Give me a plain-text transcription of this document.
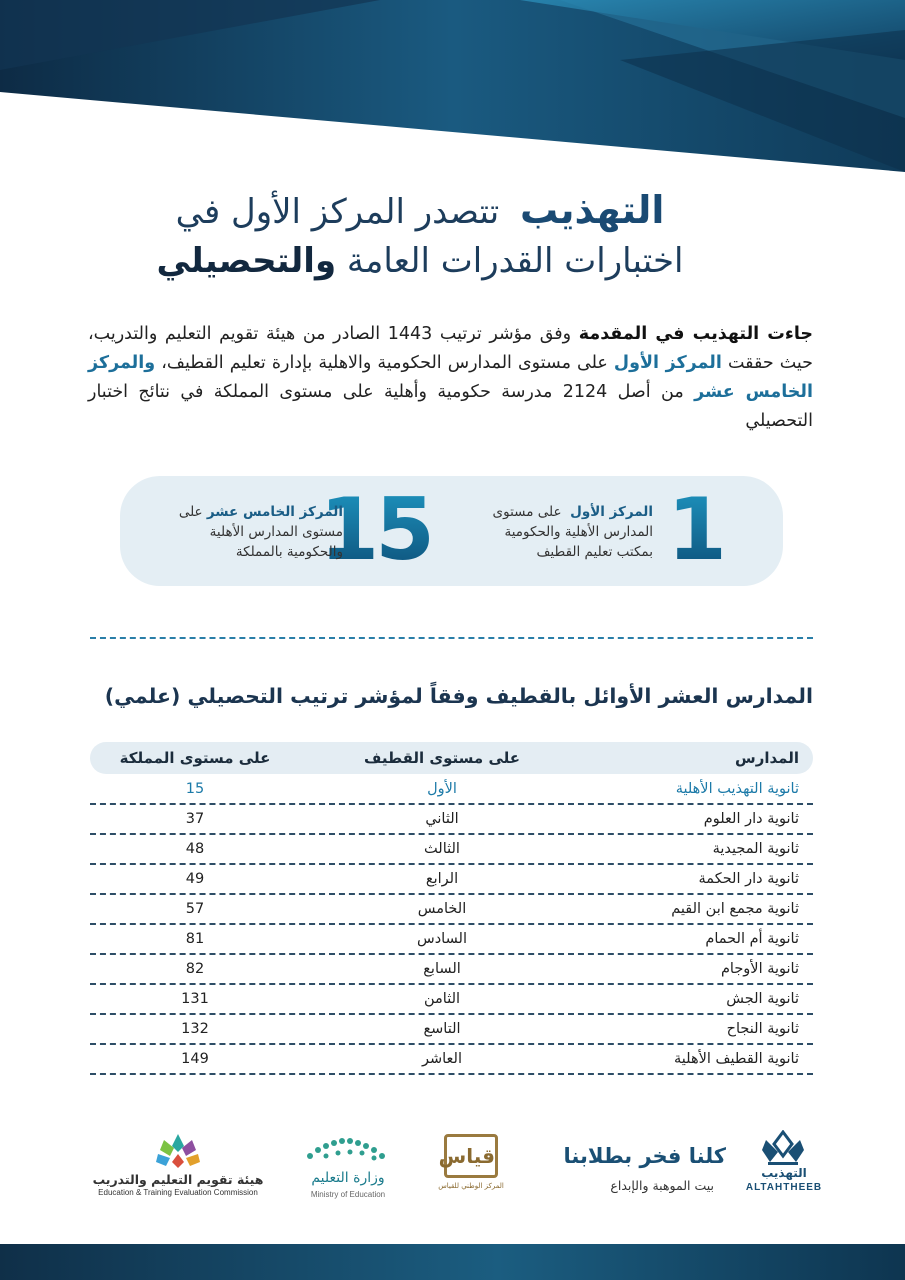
التهذيب تتصدر المركز الأول في
اختبارات القدرات العامة والتحصيلي

جاءت التهذيب في المقدمة وفق مؤشر ترتيب 1443 الصادر من هيئة تقويم التعليم والتدريب، حيث حققت المركز الأول على مستوى المدارس الحكومية والاهلية بإدارة تعليم القطيف، والمركز الخامس عشر من أصل 2124 مدرسة حكومية وأهلية على مستوى المملكة في نتائج اختبار التحصيلي

1
المركز الأول  على مستوى
المدارس الأهلية والحكومية
بمكتب تعليم القطيف
15
المركز الخامس عشر على
مستوى المدارس الأهلية
والحكومية بالمملكة
المدارس العشر الأوائل بالقطيف وفقاً لمؤشر ترتيب التحصيلي (علمي)
المدارس
على مستوى القطيف
على مستوى المملكة
ثانوية التهذيب الأهلية
الأول
15
ثانوية دار العلوم
الثاني
37
ثانوية المجيدية
الثالث
48
ثانوية دار الحكمة
الرابع
49
ثانوية مجمع ابن القيم
الخامس
57
ثانوية أم الحمام
السادس
81
ثانوية الأوجام
السابع
82
ثانوية الجش
الثامن
131
ثانوية النجاح
التاسع
132
ثانوية القطيف الأهلية
العاشر
149
هيئة تقويم التعليم والتدريب
Education & Training Evaluation Commission
وزارة التعليم
Ministry of Education
قياس
المركز الوطني للقياس
كلنا فخر بطلابنا
بيت الموهبة والإبداع
التهذيب
ALTAHTHEEB
